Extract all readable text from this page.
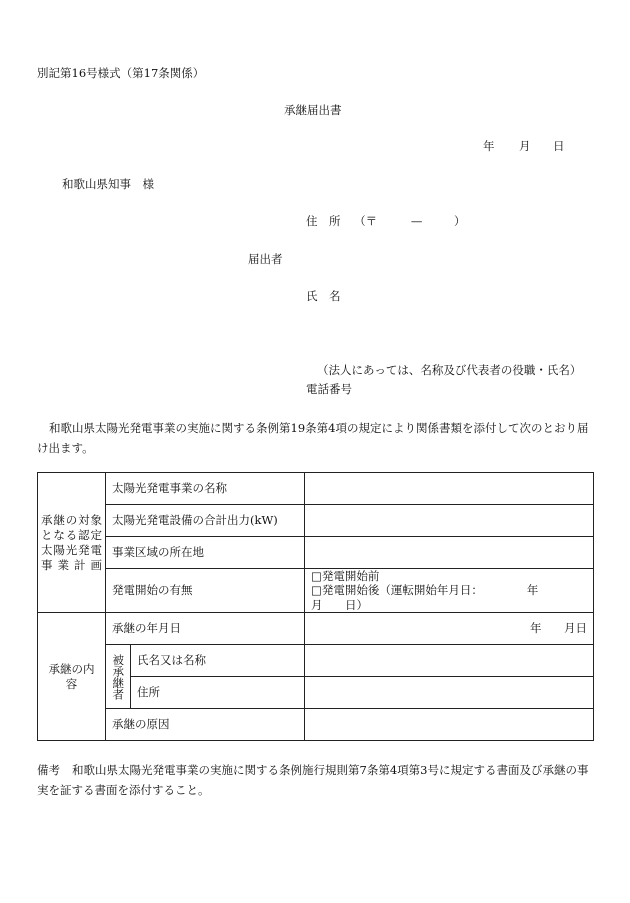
別記第16号様式（第17条関係）
承継届出書
年 月 日
和歌山県知事　様
住　所 （〒	—	）
届出者
氏　名
（法人にあっては、名称及び代表者の役職・氏名）
電話番号
和歌山県太陽光発電事業の実施に関する条例第19条第4項の規定により関係書類を添付して次のとおり届け出ます。
承継の対象となる認定太陽光発電事業計画	太陽光発電事業の名称		
	太陽光発電設備の合計出力(kW)		
	事業区域の所在地		
	発電開始の有無		□発電開始前
□発電開始後（運転開始年月日： 年月 日）

承継の内容	承継の年月日		年 月日
	被承継者	氏名又は名称	
		住所	
	承継の原因		
備考 和歌山県太陽光発電事業の実施に関する条例施行規則第7条第4項第3号に規定する書面及び承継の事実を証する書面を添付すること。
